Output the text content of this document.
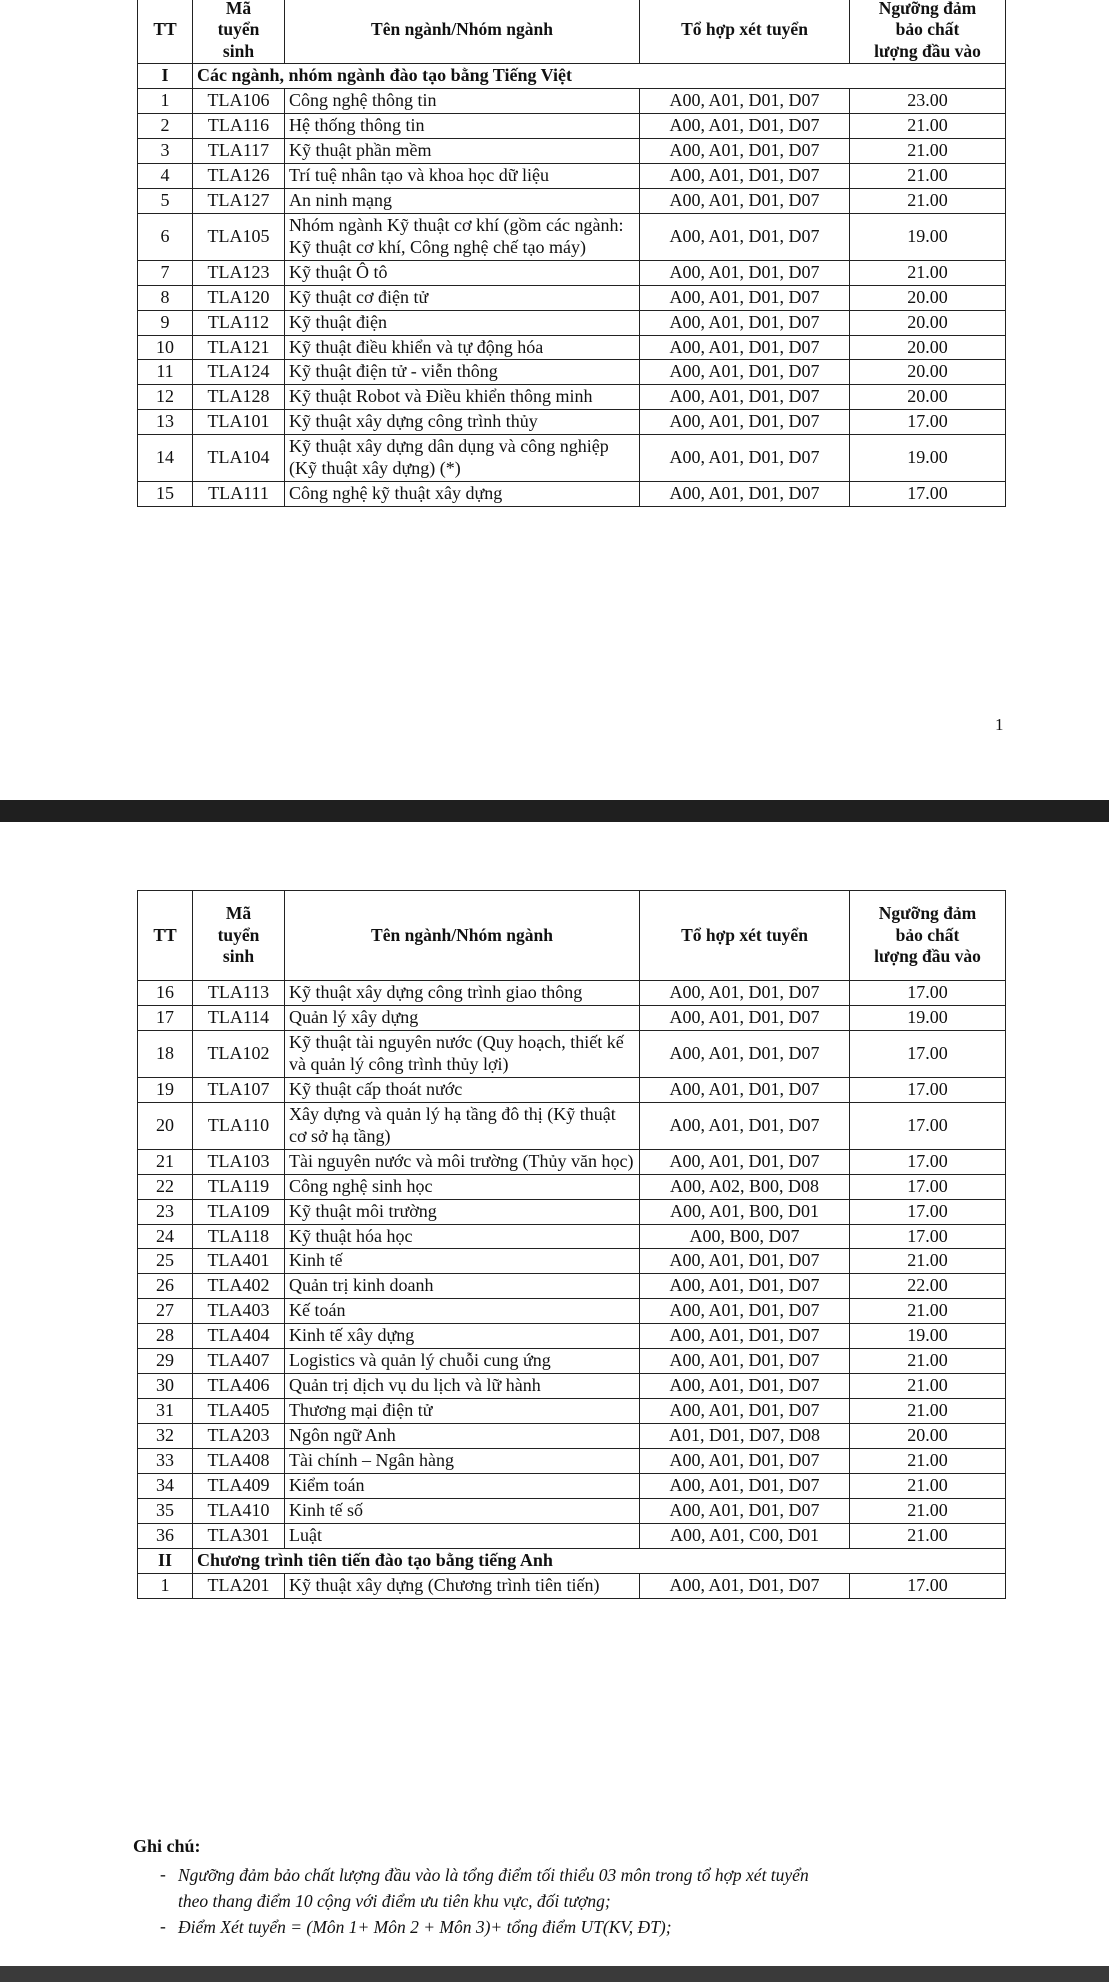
TT	Mã
tuyển
sinh	Tên ngành/Nhóm ngành	Tổ hợp xét tuyển	Ngưỡng đảm
bảo chất
lượng đầu vào
I	Các ngành, nhóm ngành đào tạo bằng Tiếng Việt			
1	TLA106	Công nghệ thông tin	A00, A01, D01, D07	23.00
2	TLA116	Hệ thống thông tin	A00, A01, D01, D07	21.00
3	TLA117	Kỹ thuật phần mềm	A00, A01, D01, D07	21.00
4	TLA126	Trí tuệ nhân tạo và khoa học dữ liệu	A00, A01, D01, D07	21.00
5	TLA127	An ninh mạng	A00, A01, D01, D07	21.00
6	TLA105	Nhóm ngành Kỹ thuật cơ khí (gồm các ngành: Kỹ thuật cơ khí, Công nghệ chế tạo máy)	A00, A01, D01, D07	19.00
7	TLA123	Kỹ thuật Ô tô	A00, A01, D01, D07	21.00
8	TLA120	Kỹ thuật cơ điện tử	A00, A01, D01, D07	20.00
9	TLA112	Kỹ thuật điện	A00, A01, D01, D07	20.00
10	TLA121	Kỹ thuật điều khiển và tự động hóa	A00, A01, D01, D07	20.00
11	TLA124	Kỹ thuật điện tử - viễn thông	A00, A01, D01, D07	20.00
12	TLA128	Kỹ thuật Robot và Điều khiển thông minh	A00, A01, D01, D07	20.00
13	TLA101	Kỹ thuật xây dựng công trình thủy	A00, A01, D01, D07	17.00
14	TLA104	Kỹ thuật xây dựng dân dụng và công nghiệp (Kỹ thuật xây dựng) (*)	A00, A01, D01, D07	19.00
15	TLA111	Công nghệ kỹ thuật xây dựng	A00, A01, D01, D07	17.00
1
TT	Mã
tuyển
sinh	Tên ngành/Nhóm ngành	Tổ hợp xét tuyển	Ngưỡng đảm
bảo chất
lượng đầu vào
16	TLA113	Kỹ thuật xây dựng công trình giao thông	A00, A01, D01, D07	17.00
17	TLA114	Quản lý xây dựng	A00, A01, D01, D07	19.00
18	TLA102	Kỹ thuật tài nguyên nước (Quy hoạch, thiết kế và quản lý công trình thủy lợi)	A00, A01, D01, D07	17.00
19	TLA107	Kỹ thuật cấp thoát nước	A00, A01, D01, D07	17.00
20	TLA110	Xây dựng và quản lý hạ tầng đô thị (Kỹ thuật cơ sở hạ tầng)	A00, A01, D01, D07	17.00
21	TLA103	Tài nguyên nước và môi trường (Thủy văn học)	A00, A01, D01, D07	17.00
22	TLA119	Công nghệ sinh học	A00, A02, B00, D08	17.00
23	TLA109	Kỹ thuật môi trường	A00, A01, B00, D01	17.00
24	TLA118	Kỹ thuật hóa học	A00, B00, D07	17.00
25	TLA401	Kinh tế	A00, A01, D01, D07	21.00
26	TLA402	Quản trị kinh doanh	A00, A01, D01, D07	22.00
27	TLA403	Kế toán	A00, A01, D01, D07	21.00
28	TLA404	Kinh tế xây dựng	A00, A01, D01, D07	19.00
29	TLA407	Logistics và quản lý chuỗi cung ứng	A00, A01, D01, D07	21.00
30	TLA406	Quản trị dịch vụ du lịch và lữ hành	A00, A01, D01, D07	21.00
31	TLA405	Thương mại điện tử	A00, A01, D01, D07	21.00
32	TLA203	Ngôn ngữ Anh	A01, D01, D07, D08	20.00
33	TLA408	Tài chính – Ngân hàng	A00, A01, D01, D07	21.00
34	TLA409	Kiểm toán	A00, A01, D01, D07	21.00
35	TLA410	Kinh tế số	A00, A01, D01, D07	21.00
36	TLA301	Luật	A00, A01, C00, D01	21.00
II	Chương trình tiên tiến đào tạo bằng tiếng Anh			
1	TLA201	Kỹ thuật xây dựng (Chương trình tiên tiến)	A00, A01, D01, D07	17.00
Ghi chú:
- Ngưỡng đảm bảo chất lượng đầu vào là tổng điểm tối thiểu 03 môn trong tổ hợp xét tuyển
theo thang điểm 10 cộng với điểm ưu tiên khu vực, đối tượng;
- Điểm Xét tuyển = (Môn 1+ Môn 2 + Môn 3)+ tổng điểm UT(KV, ĐT);
